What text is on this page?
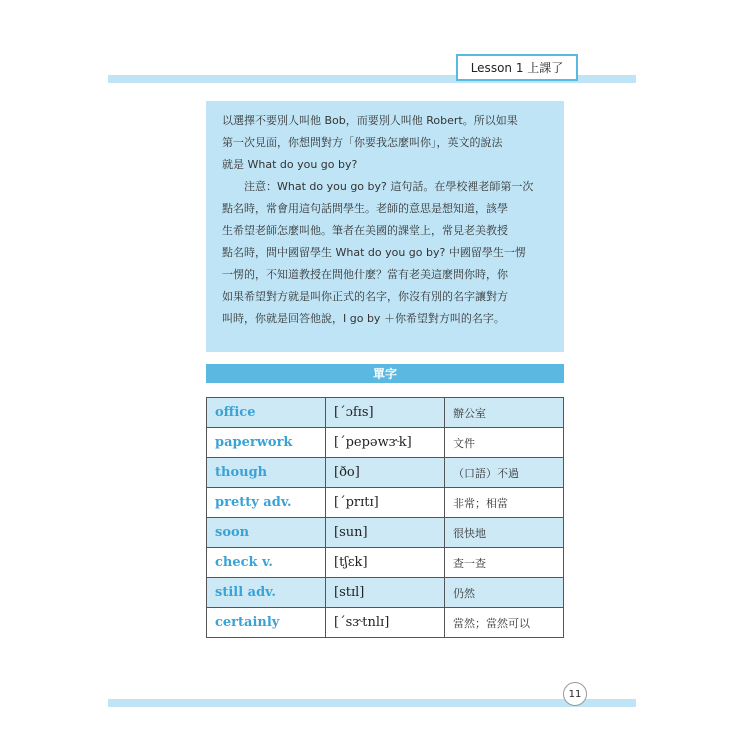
Lesson 1 上課了

以選擇不要別人叫他 Bob，而要別人叫他 Robert。所以如果

第一次見面，你想問對方「你要我怎麼叫你」，英文的說法

就是 What do you go by?

注意：What do you go by? 這句話。在學校裡老師第一次

點名時，常會用這句話問學生。老師的意思是想知道，該學

生希望老師怎麼叫他。筆者在美國的課堂上，常見老美教授

點名時，問中國留學生 What do you go by? 中國留學生一愣

一愣的，不知道教授在問他什麼？當有老美這麼問你時，你

如果希望對方就是叫你正式的名字，你沒有別的名字讓對方

叫時，你就是回答他說，I go by ＋你希望對方叫的名字。

單字
office	[ˊɔfɪs]	辦公室
paperwork	[ˊpepəwɝk]	文件
though	[ðo]	（口語）不過
pretty adv.	[ˊprɪtɪ]	非常；相當
soon	[sun]	很快地
check v.	[tʃɛk]	查一查
still adv.	[stɪl]	仍然
certainly	[ˊsɝtnlɪ]	當然；當然可以
11
